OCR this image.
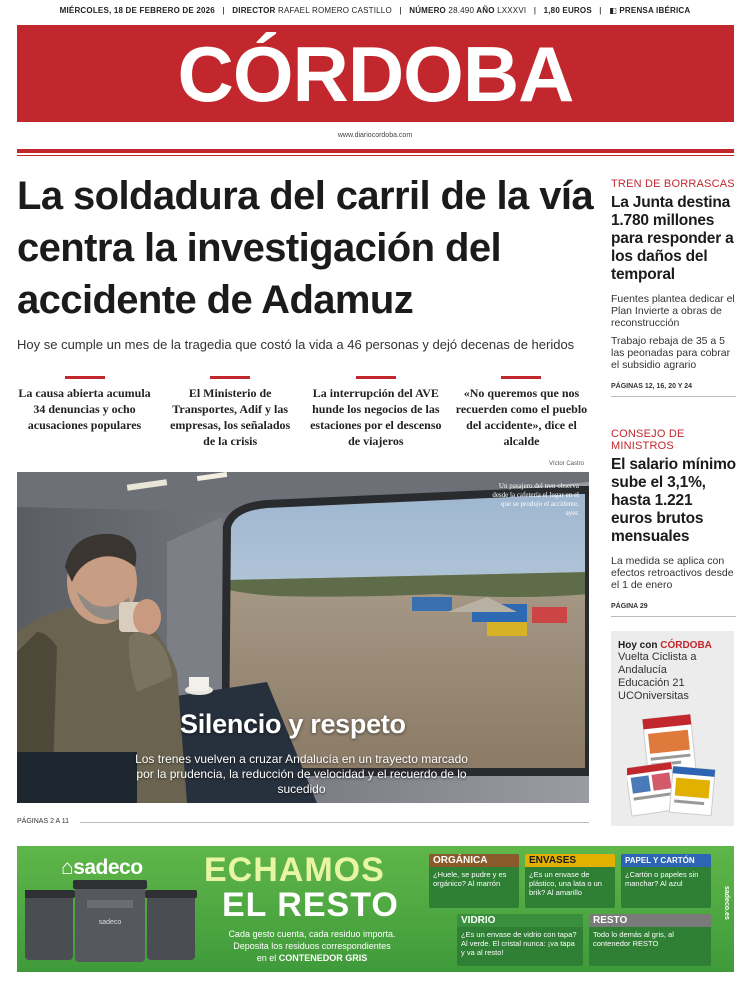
MIÉRCOLES, 18 DE FEBRERO DE 2026 | DIRECTOR RAFAEL ROMERO CASTILLO | NÚMERO 28.490 AÑO LXXXVI | 1,80 EUROS | ◧ PRENSA IBÉRICA
CÓRDOBA
www.diariocordoba.com
La soldadura del carril de la vía centra la investigación del accidente de Adamuz
Hoy se cumple un mes de la tragedia que costó la vida a 46 personas y dejó decenas de heridos
La causa abierta acumula 34 denuncias y ocho acusaciones populares
El Ministerio de Transportes, Adif y las empresas, los señalados de la crisis
La interrupción del AVE hunde los negocios de las estaciones por el descenso de viajeros
«No queremos que nos recuerden como el pueblo del accidente», dice el alcalde
Víctor Castro
Un pasajero del tren observa desde la cafetería el lugar en el que se produjo el accidente, ayer.
Silencio y respeto
Los trenes vuelven a cruzar Andalucía en un trayecto marcado por la prudencia, la reducción de velocidad y el recuerdo de lo sucedido
PÁGINAS 2 A 11
TREN DE BORRASCAS
La Junta destina 1.780 millones para responder a los daños del temporal
Fuentes plantea dedicar el Plan Invierte a obras de reconstrucción
Trabajo rebaja de 35 a 5 las peonadas para cobrar el subsidio agrario
PÁGINAS 12, 16, 20 Y 24
CONSEJO DE MINISTROS
El salario mínimo sube el 3,1%, hasta 1.221 euros brutos mensuales
La medida se aplica con efectos retroactivos desde el 1 de enero
PÁGINA 29
Hoy con CÓRDOBA
Vuelta Ciclista a Andalucía
Educación 21
UCOniversitas
sadeco
⌂sadeco ECHAMOS
EL RESTO
Cada gesto cuenta, cada residuo importa.
Deposita los residuos correspondientes
en el CONTENEDOR GRIS
ORGÁNICA
¿Huele, se pudre y es orgánico? Al marrón
ENVASES
¿Es un envase de plástico, una lata o un brik? Al amarillo
PAPEL Y CARTÓN
¿Cartón o papeles sin manchar? Al azul
VIDRIO
¿Es un envase de vidrio con tapa? Al verde. El cristal nunca: ¡va tapa y va al resto!
RESTO
Todo lo demás al gris, al contenedor RESTO
sadeco.es
